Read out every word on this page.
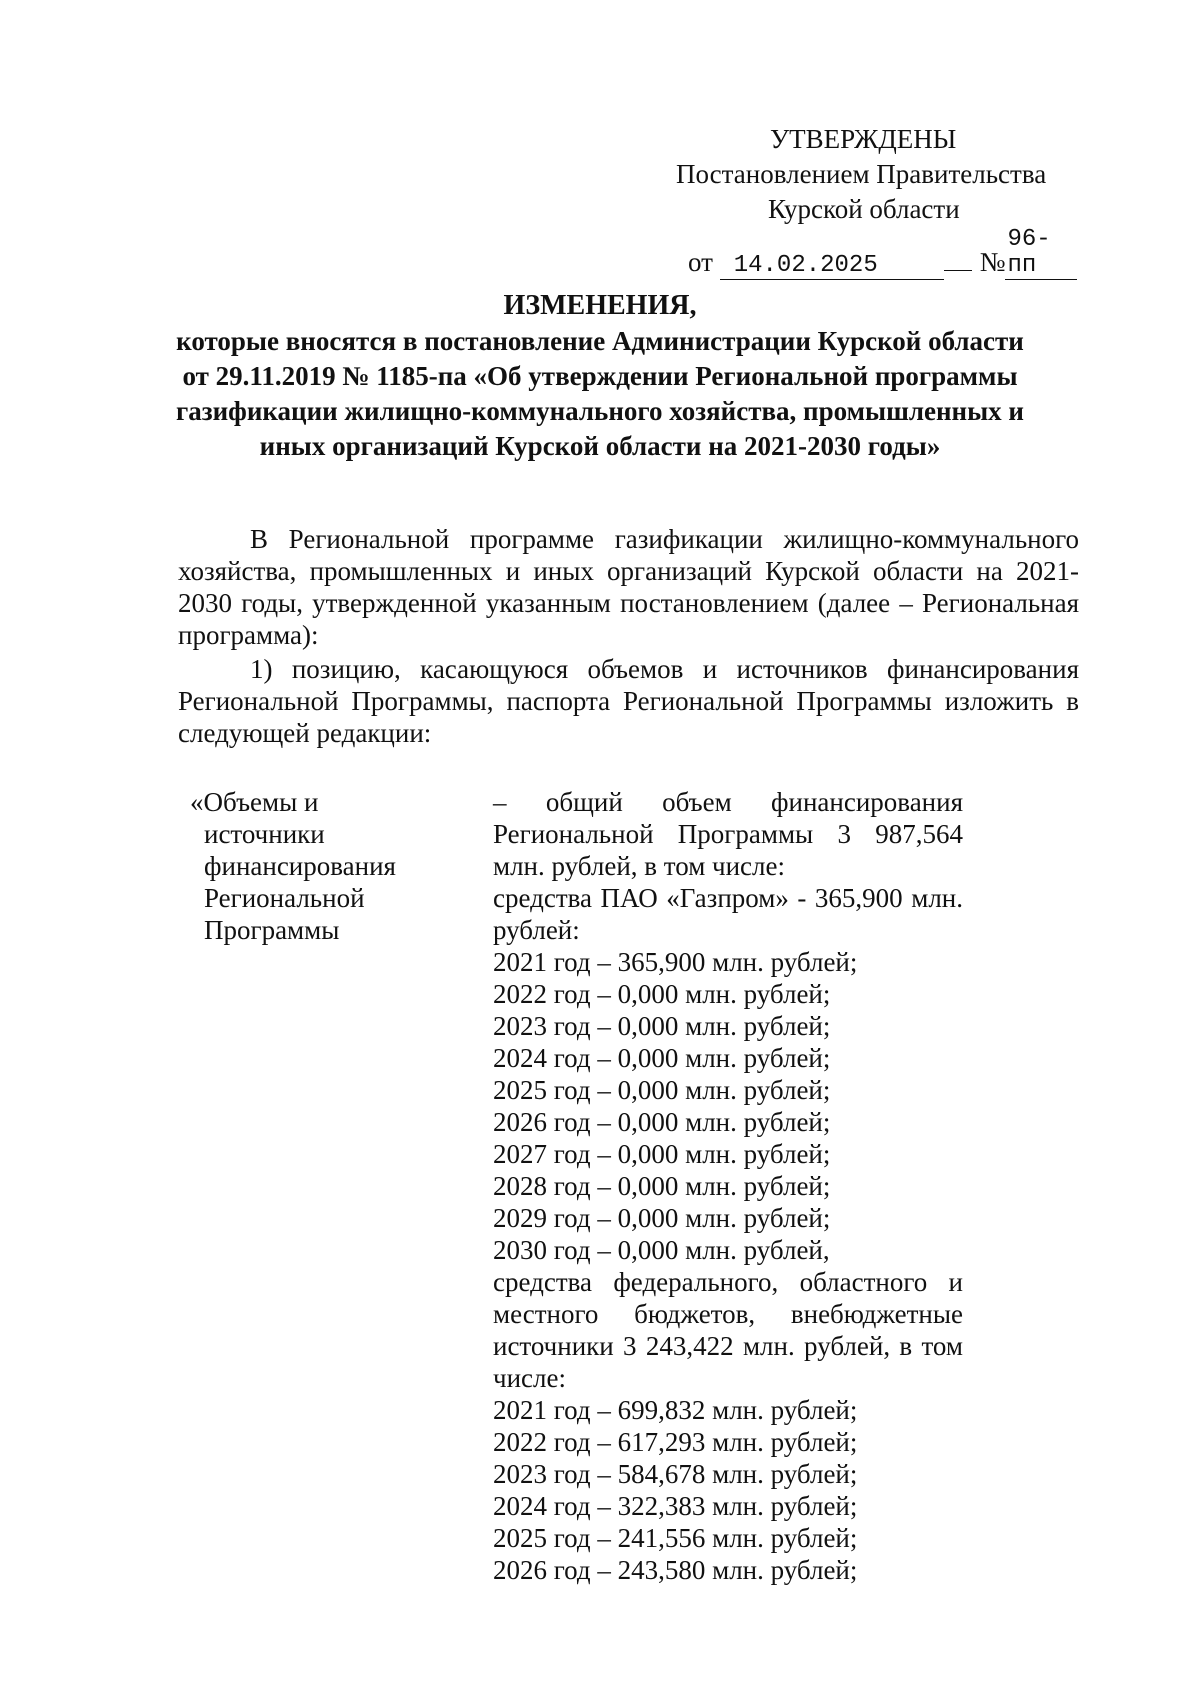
УТВЕРЖДЕНЫ
Постановлением Правительства
Курской области
от 14.02.2025	№96-пп
ИЗМЕНЕНИЯ,
которые вносятся в постановление Администрации Курской области
от 29.11.2019 № 1185-па «Об утверждении Региональной программы
газификации жилищно-коммунального хозяйства, промышленных и
иных организаций Курской области на 2021-2030 годы»

В Региональной программе газификации жилищно-коммунального хозяйства, промышленных и иных организаций Курской области на 2021-2030 годы, утвержденной указанным постановлением (далее – Региональная программа):

1) позицию, касающуюся объемов и источников финансирования Региональной Программы, паспорта Региональной Программы изложить в следующей редакции:

«Объемы и
источники
финансирования
Региональной
Программы

– общий объем финансирования Региональной Программы 3 987,564 млн. рублей, в том числе:

средства ПАО «Газпром» - 365,900 млн. рублей:

2021 год – 365,900 млн. рублей;
2022 год – 0,000 млн. рублей;
2023 год – 0,000 млн. рублей;
2024 год – 0,000 млн. рублей;
2025 год – 0,000 млн. рублей;
2026 год – 0,000 млн. рублей;
2027 год – 0,000 млн. рублей;
2028 год – 0,000 млн. рублей;
2029 год – 0,000 млн. рублей;
2030 год – 0,000 млн. рублей,

средства федерального, областного и местного бюджетов, внебюджетные источники 3 243,422 млн. рублей, в том числе:

2021 год – 699,832 млн. рублей;
2022 год – 617,293 млн. рублей;
2023 год – 584,678 млн. рублей;
2024 год – 322,383 млн. рублей;
2025 год – 241,556 млн. рублей;
2026 год – 243,580 млн. рублей;
